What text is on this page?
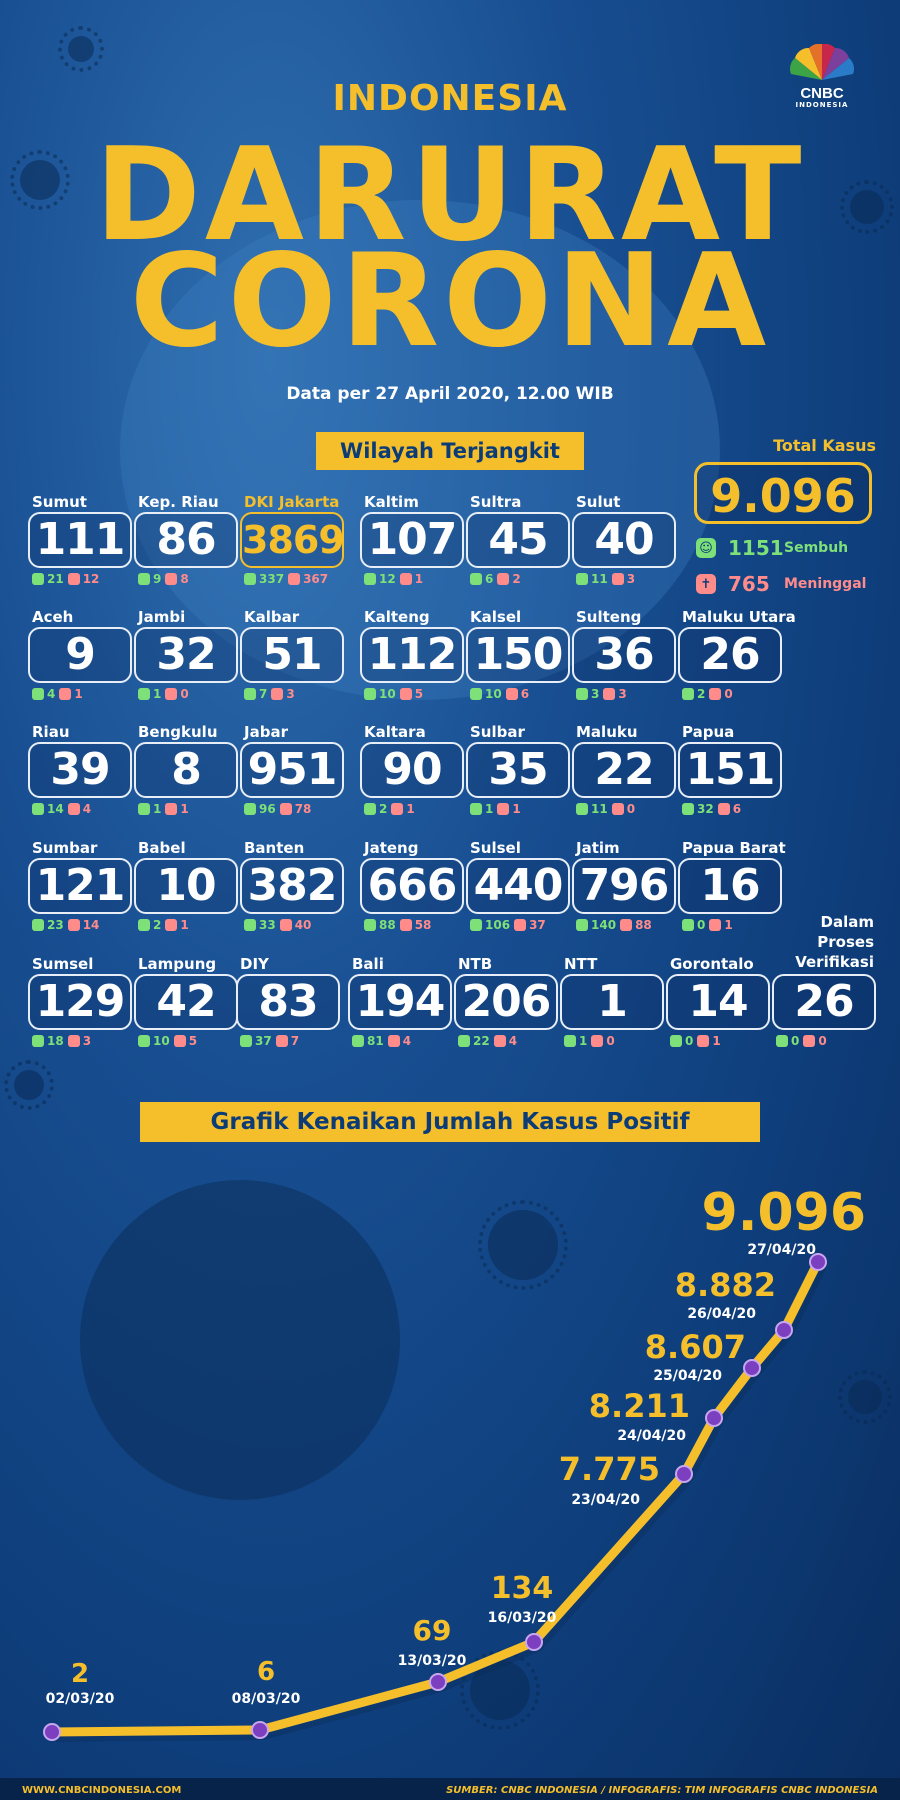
CNBC
INDONESIA
INDONESIA
DARURAT
CORONA
Data per 27 April 2020, 12.00 WIB
Wilayah Terjangkit	Total Kasus
9.096
☺ 1151 Sembuh
✝ 765	Meninggal
Sumut
111
21 12
Kep. Riau
86
9 8
DKI Jakarta
3869
337 367
Kaltim
107
12 1
Sultra
45
6 2
Sulut
40
11 3
Aceh
9
4 1
Jambi
32
1 0
Kalbar
51
7 3
Kalteng
112
10 5
Kalsel
150
10 6
Sulteng
36
3 3
Maluku Utara
26
2 0
Riau
39
14 4
Bengkulu
8
1 1
Jabar
951
96 78
Kaltara
90
2 1
Sulbar
35
1 1
Maluku
22
11 0
Papua
151
32 6
Sumbar
121
23 14
Babel
10
2 1
Banten
382
33 40
Jateng
666
88 58
Sulsel
440
106 37
Jatim
796
140 88
Papua Barat
16
0 1
Sumsel
129
18 3
Lampung
42
10 5
DIY
83
37 7
Bali
194
81 4
NTB
206
22 4
NTT
1
1 0
Gorontalo
14
0 1
26
0 0
Dalam Proses Verifikasi
Grafik Kenaikan Jumlah Kasus Positif
2
02/03/20
6
08/03/20
69
13/03/20
134
16/03/20
7.775
23/04/20
8.211
24/04/20
8.607
25/04/20
8.882
26/04/20
9.096
27/04/20
WWW.CNBCINDONESIA.COM	SUMBER: CNBC INDONESIA / INFOGRAFIS: TIM INFOGRAFIS CNBC INDONESIA
